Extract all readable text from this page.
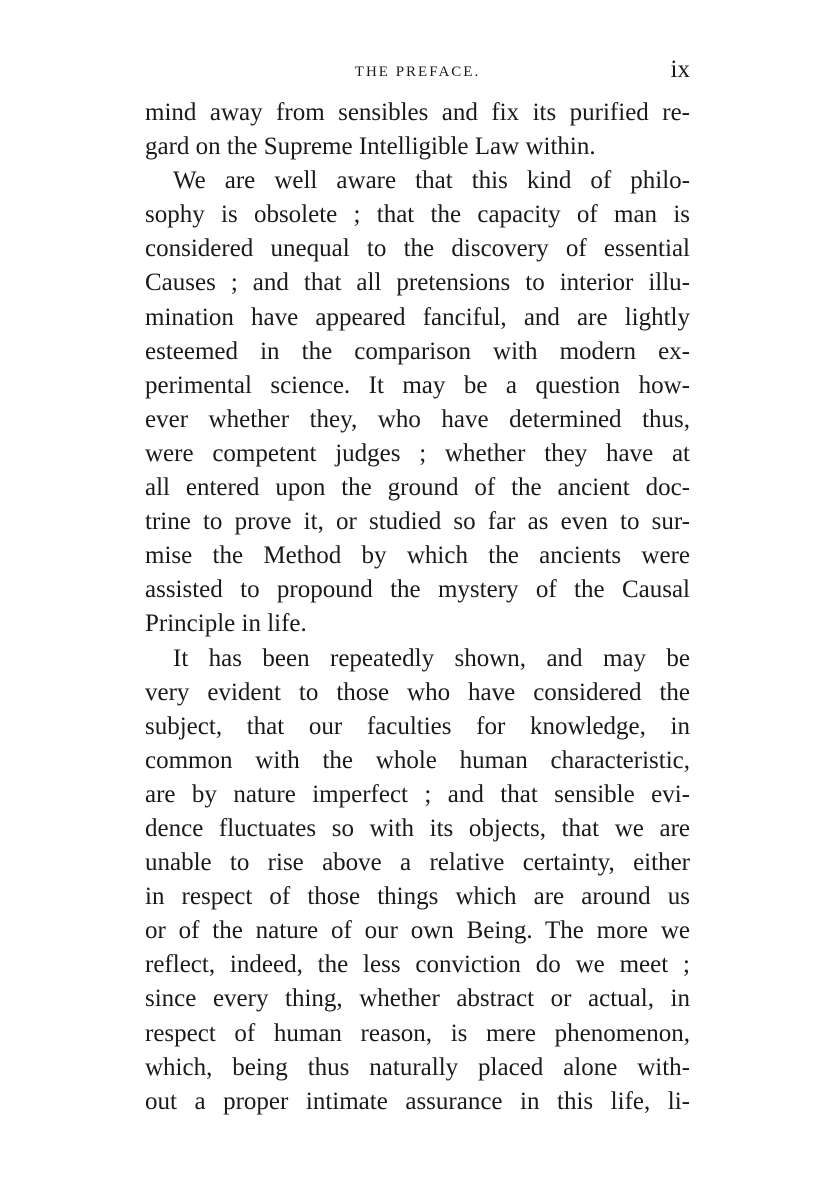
THE PREFACE.	ix
mind away from sensibles and fix its purified re-
gard on the Supreme Intelligible Law within.
We are well aware that this kind of philo-
sophy is obsolete ; that the capacity of man is
considered unequal to the discovery of essential
Causes ; and that all pretensions to interior illu-
mination have appeared fanciful, and are lightly
esteemed in the comparison with modern ex-
perimental science. It may be a question how-
ever whether they, who have determined thus,
were competent judges ; whether they have at
all entered upon the ground of the ancient doc-
trine to prove it, or studied so far as even to sur-
mise the Method by which the ancients were
assisted to propound the mystery of the Causal
Principle in life.
It has been repeatedly shown, and may be
very evident to those who have considered the
subject, that our faculties for knowledge, in
common with the whole human characteristic,
are by nature imperfect ; and that sensible evi-
dence fluctuates so with its objects, that we are
unable to rise above a relative certainty, either
in respect of those things which are around us
or of the nature of our own Being. The more we
reflect, indeed, the less conviction do we meet ;
since every thing, whether abstract or actual, in
respect of human reason, is mere phenomenon,
which, being thus naturally placed alone with-
out a proper intimate assurance in this life, li-
